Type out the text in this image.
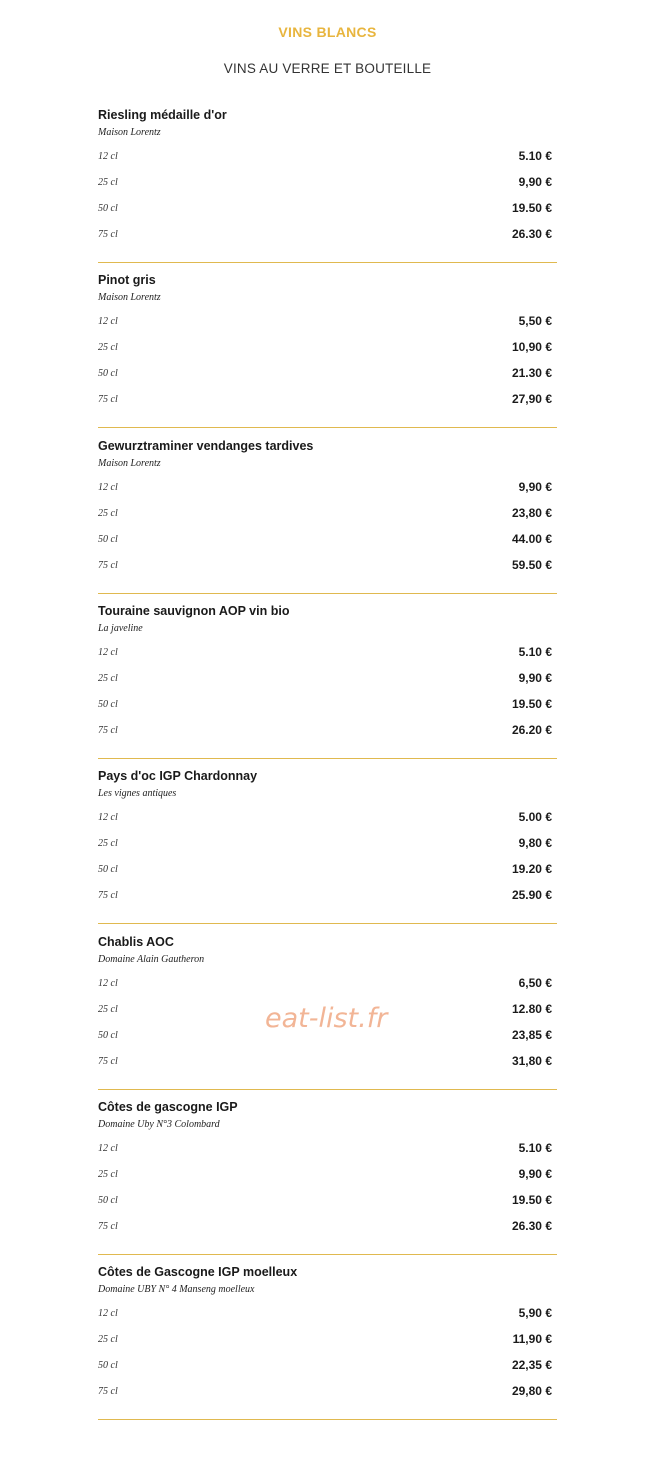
VINS BLANCS
VINS AU VERRE ET BOUTEILLE
Riesling médaille d'or
Maison Lorentz
12 cl	5.10 €
25 cl	9,90 €
50 cl	19.50 €
75 cl	26.30 €
Pinot gris
Maison Lorentz
12 cl	5,50 €
25 cl	10,90 €
50 cl	21.30 €
75 cl	27,90 €
Gewurztraminer vendanges tardives
Maison Lorentz
12 cl	9,90 €
25 cl	23,80 €
50 cl	44.00 €
75 cl	59.50 €
Touraine sauvignon AOP vin bio
La javeline
12 cl	5.10 €
25 cl	9,90 €
50 cl	19.50 €
75 cl	26.20 €
Pays d'oc IGP Chardonnay
Les vignes antiques
12 cl	5.00 €
25 cl	9,80 €
50 cl	19.20 €
75 cl	25.90 €
Chablis AOC
Domaine Alain Gautheron
12 cl	6,50 €
25 cl	12.80 €
50 cl	23,85 €
75 cl	31,80 €
Côtes de gascogne IGP
Domaine Uby N°3 Colombard
12 cl	5.10 €
25 cl	9,90 €
50 cl	19.50 €
75 cl	26.30 €
Côtes de Gascogne IGP moelleux
Domaine UBY N° 4 Manseng moelleux
12 cl	5,90 €
25 cl	11,90 €
50 cl	22,35 €
75 cl	29,80 €
eat-list.fr
